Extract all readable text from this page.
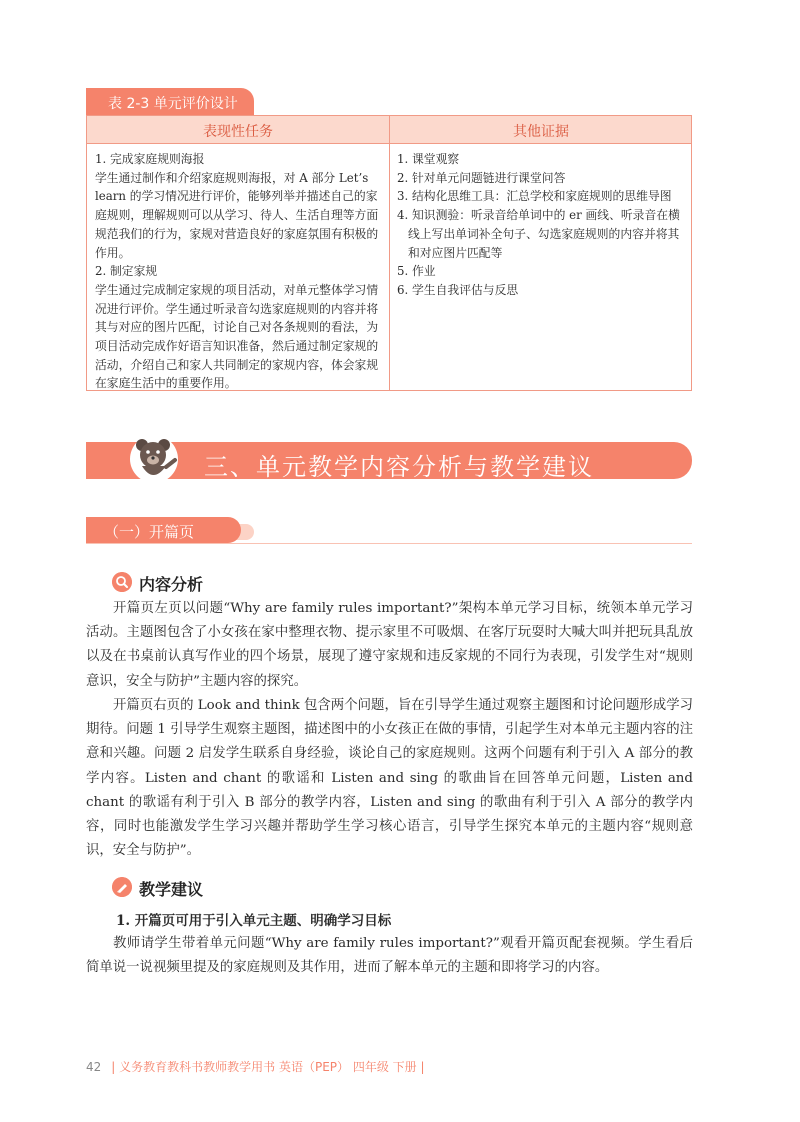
表 2-3 单元评价设计
表现性任务	其他证据
1. 完成家庭规则海报
学生通过制作和介绍家庭规则海报，对 A 部分 Let’s learn 的学习情况进行评价，能够列举并描述自己的家庭规则，理解规则可以从学习、待人、生活自理等方面规范我们的行为，家规对营造良好的家庭氛围有积极的作用。
2. 制定家规
学生通过完成制定家规的项目活动，对单元整体学习情况进行评价。学生通过听录音勾选家庭规则的内容并将其与对应的图片匹配，讨论自己对各条规则的看法，为项目活动完成作好语言知识准备，然后通过制定家规的活动，介绍自己和家人共同制定的家规内容，体会家规在家庭生活中的重要作用。
1. 课堂观察
2. 针对单元问题链进行课堂问答
3. 结构化思维工具：汇总学校和家庭规则的思维导图
4. 知识测验：听录音给单词中的 er 画线、听录音在横线上写出单词补全句子、勾选家庭规则的内容并将其和对应图片匹配等
5. 作业
6. 学生自我评估与反思
三、单元教学内容分析与教学建议
（一）开篇页
内容分析
开篇页左页以问题“Why are family rules important?”架构本单元学习目标，统领本单元学习活动。主题图包含了小女孩在家中整理衣物、提示家里不可吸烟、在客厅玩耍时大喊大叫并把玩具乱放以及在书桌前认真写作业的四个场景，展现了遵守家规和违反家规的不同行为表现，引发学生对“规则意识，安全与防护”主题内容的探究。
开篇页右页的 Look and think 包含两个问题，旨在引导学生通过观察主题图和讨论问题形成学习期待。问题 1 引导学生观察主题图，描述图中的小女孩正在做的事情，引起学生对本单元主题内容的注意和兴趣。问题 2 启发学生联系自身经验，谈论自己的家庭规则。这两个问题有利于引入 A 部分的教学内容。Listen and chant 的歌谣和 Listen and sing 的歌曲旨在回答单元问题，Listen and chant 的歌谣有利于引入 B 部分的教学内容，Listen and sing 的歌曲有利于引入 A 部分的教学内容，同时也能激发学生学习兴趣并帮助学生学习核心语言，引导学生探究本单元的主题内容“规则意识，安全与防护”。
教学建议
1. 开篇页可用于引入单元主题、明确学习目标
教师请学生带着单元问题“Why are family rules important?”观看开篇页配套视频。学生看后简单说一说视频里提及的家庭规则及其作用，进而了解本单元的主题和即将学习的内容。
42 | 义务教育教科书教师教学用书 英语（PEP） 四年级 下册 |
